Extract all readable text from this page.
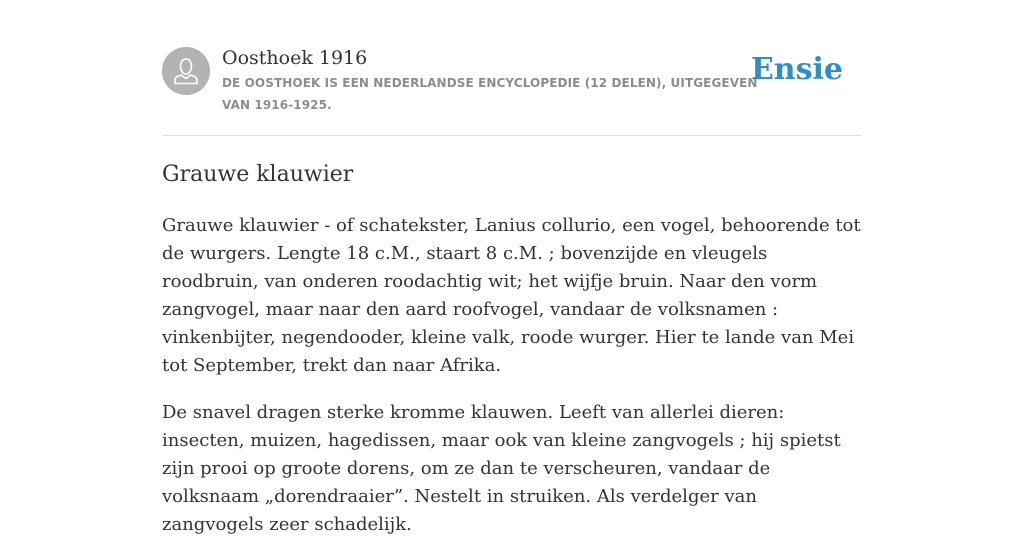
Oosthoek 1916
DE OOSTHOEK IS EEN NEDERLANDSE ENCYCLOPEDIE (12 DELEN), UITGEGEVEN VAN 1916-1925.
Ensie
Grauwe klauwier

Grauwe klauwier - of schatekster, Lanius collurio, een vogel, behoorende tot de wurgers. Lengte 18 c.M., staart 8 c.M. ; bovenzijde en vleugels roodbruin, van onderen roodachtig wit; het wijfje bruin. Naar den vorm zangvogel, maar naar den aard roofvogel, vandaar de volksnamen : vinkenbijter, negendooder, kleine valk, roode wurger. Hier te lande van Mei tot September, trekt dan naar Afrika.

De snavel dragen sterke kromme klauwen. Leeft van allerlei dieren: insecten, muizen, hagedissen, maar ook van kleine zangvogels ; hij spietst zijn prooi op groote dorens, om ze dan te verscheuren, vandaar de volksnaam „dorendraaier”. Nestelt in struiken. Als verdelger van zangvogels zeer schadelijk.
